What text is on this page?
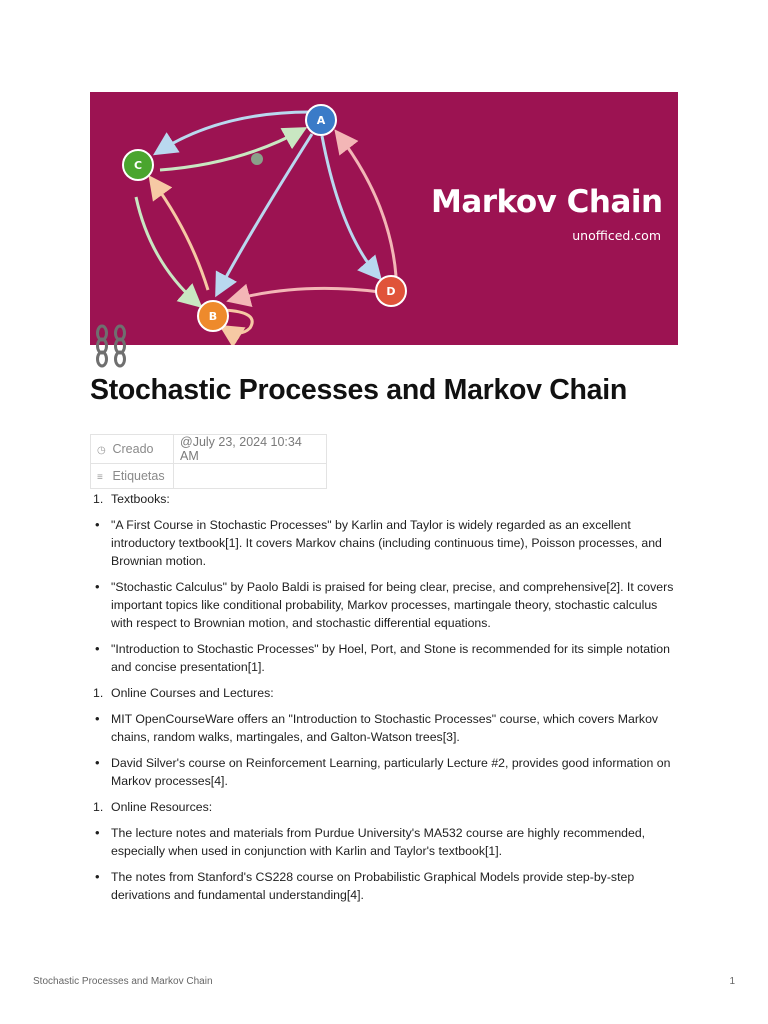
A
C
B
D
Markov Chain
unofficed.com
Stochastic Processes and Markov Chain
◷ Creado	@July 23, 2024 10:34 AM
≡ Etiquetas	
1. Textbooks:
• "A First Course in Stochastic Processes" by Karlin and Taylor is widely regarded as an excellent introductory textbook[1]. It covers Markov chains (including continuous time), Poisson processes, and Brownian motion.
• "Stochastic Calculus" by Paolo Baldi is praised for being clear, precise, and comprehensive[2]. It covers important topics like conditional probability, Markov processes, martingale theory, stochastic calculus with respect to Brownian motion, and stochastic differential equations.
• "Introduction to Stochastic Processes" by Hoel, Port, and Stone is recommended for its simple notation and concise presentation[1].
1. Online Courses and Lectures:
• MIT OpenCourseWare offers an "Introduction to Stochastic Processes" course, which covers Markov chains, random walks, martingales, and Galton-Watson trees[3].
• David Silver's course on Reinforcement Learning, particularly Lecture #2, provides good information on Markov processes[4].
1. Online Resources:
• The lecture notes and materials from Purdue University's MA532 course are highly recommended, especially when used in conjunction with Karlin and Taylor's textbook[1].
• The notes from Stanford's CS228 course on Probabilistic Graphical Models provide step-by-step derivations and fundamental understanding[4].
Stochastic Processes and Markov Chain	1
